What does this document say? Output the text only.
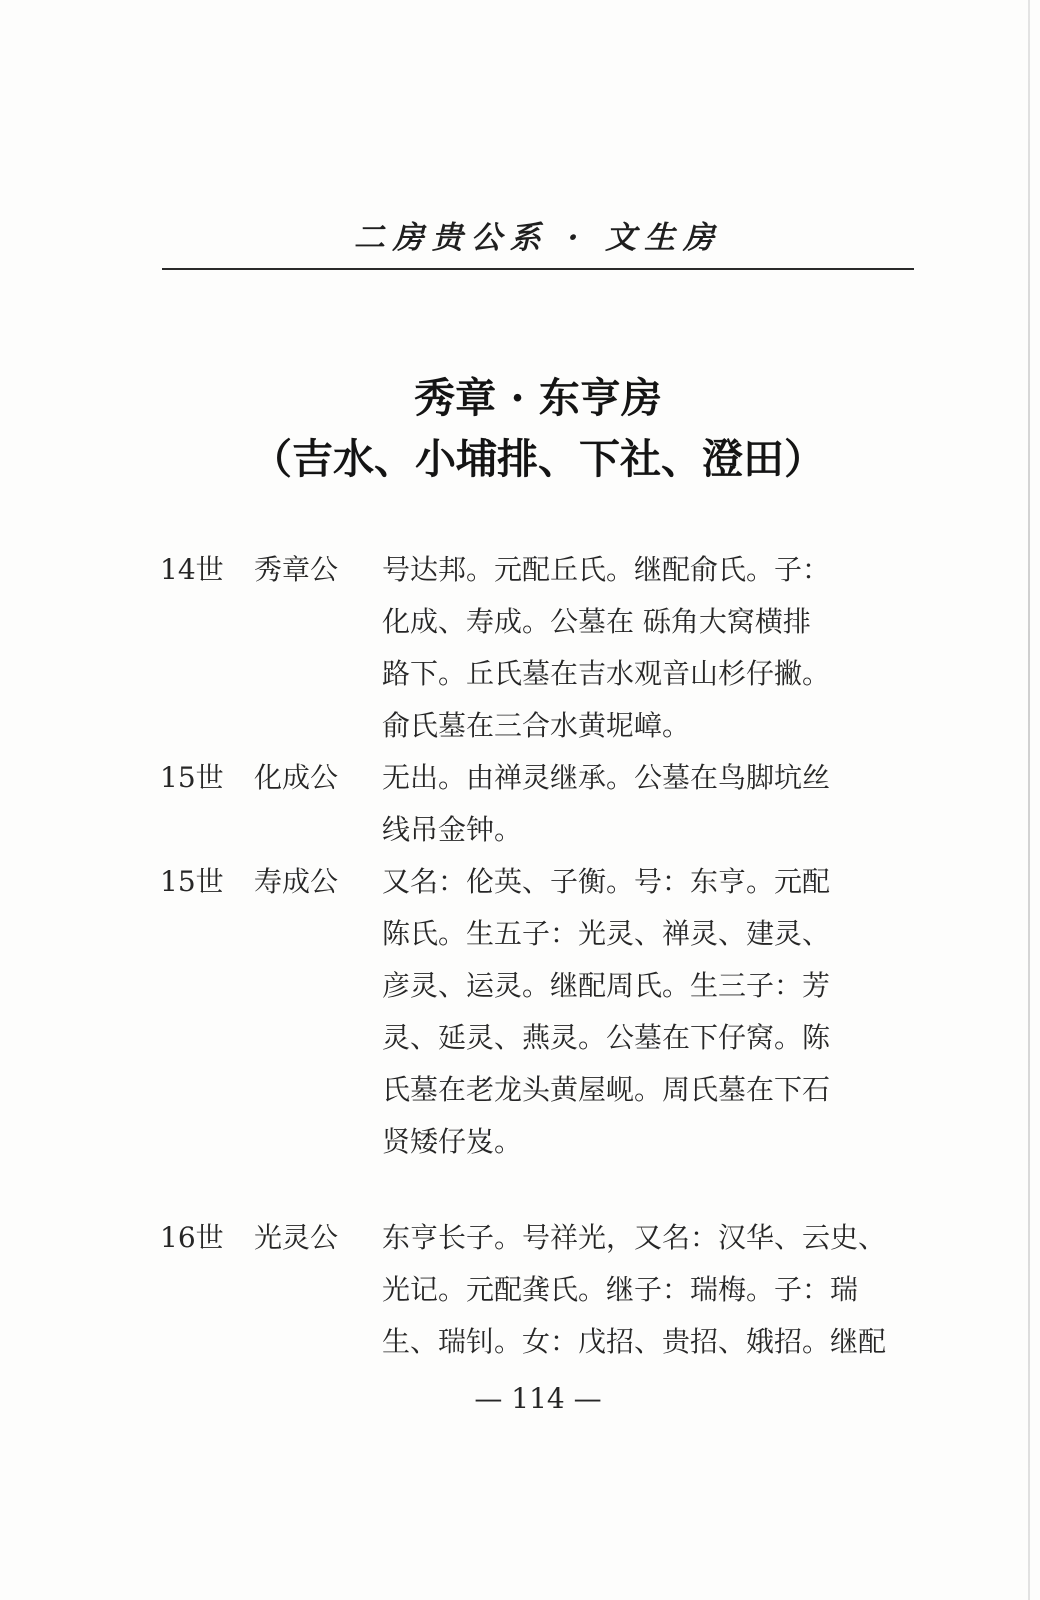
二房贵公系 · 文生房
秀章 · 东亨房
（吉水、小埔排、下社、澄田）
14世 秀章公 号达邦。元配丘氏。继配俞氏。子：
化成、寿成。公墓在 砾角大窝横排
路下。丘氏墓在吉水观音山杉仔撇。
俞氏墓在三合水黄坭嶂。
15世 化成公 无出。由禅灵继承。公墓在鸟脚坑丝
线吊金钟。
15世 寿成公 又名：伦英、子衡。号：东亨。元配
陈氏。生五子：光灵、禅灵、建灵、
彦灵、运灵。继配周氏。生三子：芳
灵、延灵、燕灵。公墓在下仔窝。陈
氏墓在老龙头黄屋岘。周氏墓在下石
贤矮仔岌。
16世 光灵公 东亨长子。号祥光，又名：汉华、云史、
光记。元配龚氏。继子：瑞梅。子：瑞
生、瑞钊。女：戊招、贵招、娥招。继配
— 114 —
